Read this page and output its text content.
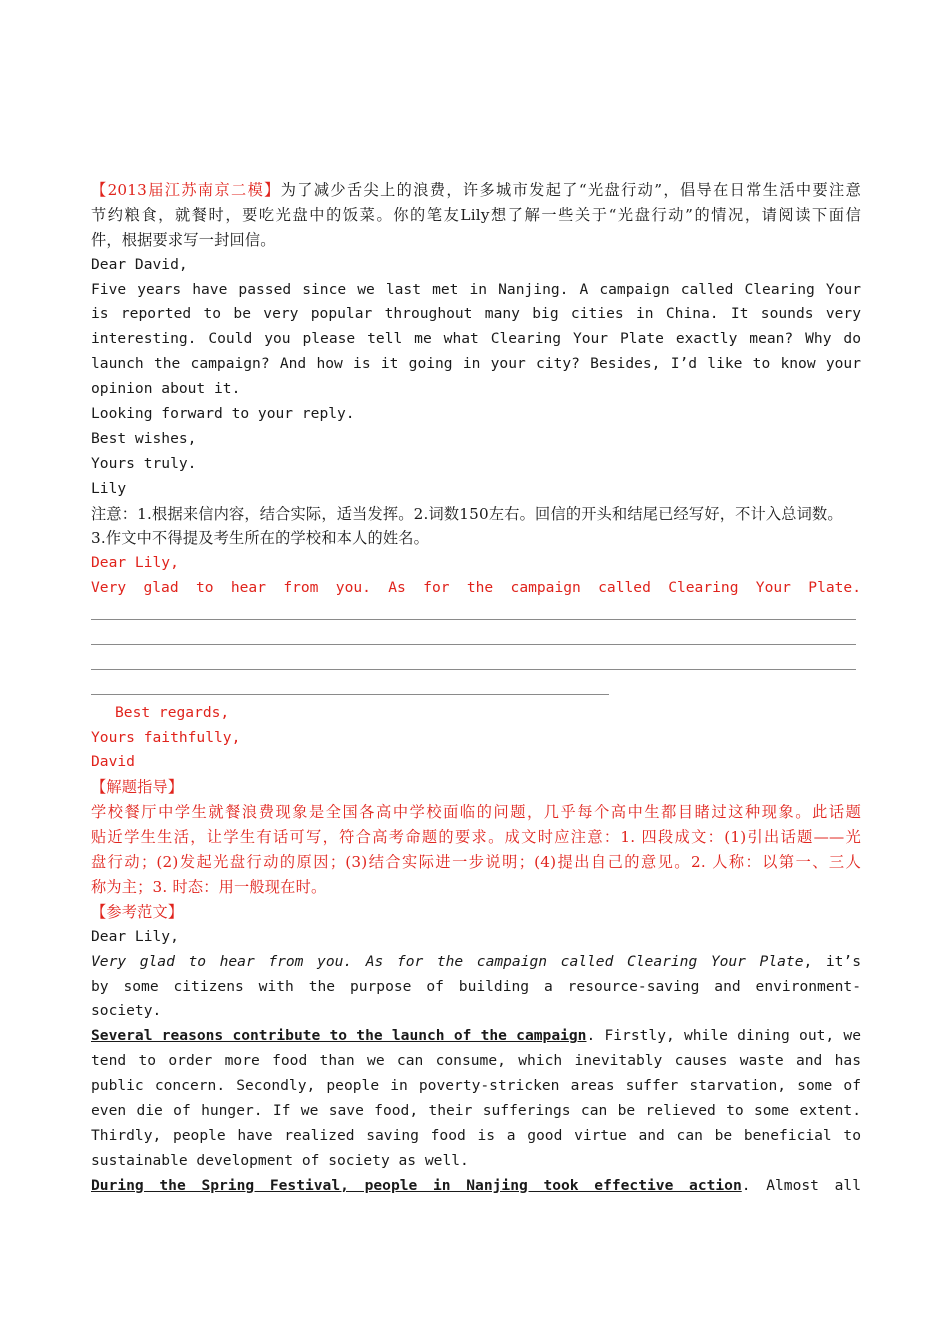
【2013届江苏南京二模】为了减少舌尖上的浪费，许多城市发起了“光盘行动”，倡导在日常生活中要注意
节约粮食，就餐时，要吃光盘中的饭菜。你的笔友Lily想了解一些关于“光盘行动”的情况，请阅读下面信
件，根据要求写一封回信。
Dear David,
Five years have passed since we last met in Nanjing. A campaign called Clearing Your
is reported to be very popular throughout many big cities in China. It sounds very
interesting. Could you please tell me what Clearing Your Plate exactly mean? Why do
launch the campaign? And how is it going in your city? Besides, I’d like to know your
opinion about it.
Looking forward to your reply.
Best wishes,
Yours truly.
Lily
注意：1.根据来信内容，结合实际，适当发挥。2.词数150左右。回信的开头和结尾已经写好，不计入总词数。
3.作文中不得提及考生所在的学校和本人的姓名。
Dear Lily,
Very glad to hear from you. As for the campaign called Clearing Your Plate.
Best regards,
Yours faithfully,
David
【解题指导】
学校餐厅中学生就餐浪费现象是全国各高中学校面临的问题，几乎每个高中生都目睹过这种现象。此话题
贴近学生生活，让学生有话可写，符合高考命题的要求。成文时应注意：1. 四段成文：(1)引出话题——光
盘行动；(2)发起光盘行动的原因；(3)结合实际进一步说明；(4)提出自己的意见。2. 人称：以第一、三人
称为主；3. 时态：用一般现在时。
【参考范文】
Dear Lily,
Very glad to hear from you. As for the campaign called Clearing Your Plate, it’s
by some citizens with the purpose of building a resource-saving and environment-
society.
Several reasons contribute to the launch of the campaign. Firstly, while dining out, we
tend to order more food than we can consume, which inevitably causes waste and has
public concern. Secondly, people in poverty-stricken areas suffer starvation, some of
even die of hunger. If we save food, their sufferings can be relieved to some extent.
Thirdly, people have realized saving food is a good virtue and can be beneficial to
sustainable development of society as well.
During the Spring Festival, people in Nanjing took effective action. Almost all
